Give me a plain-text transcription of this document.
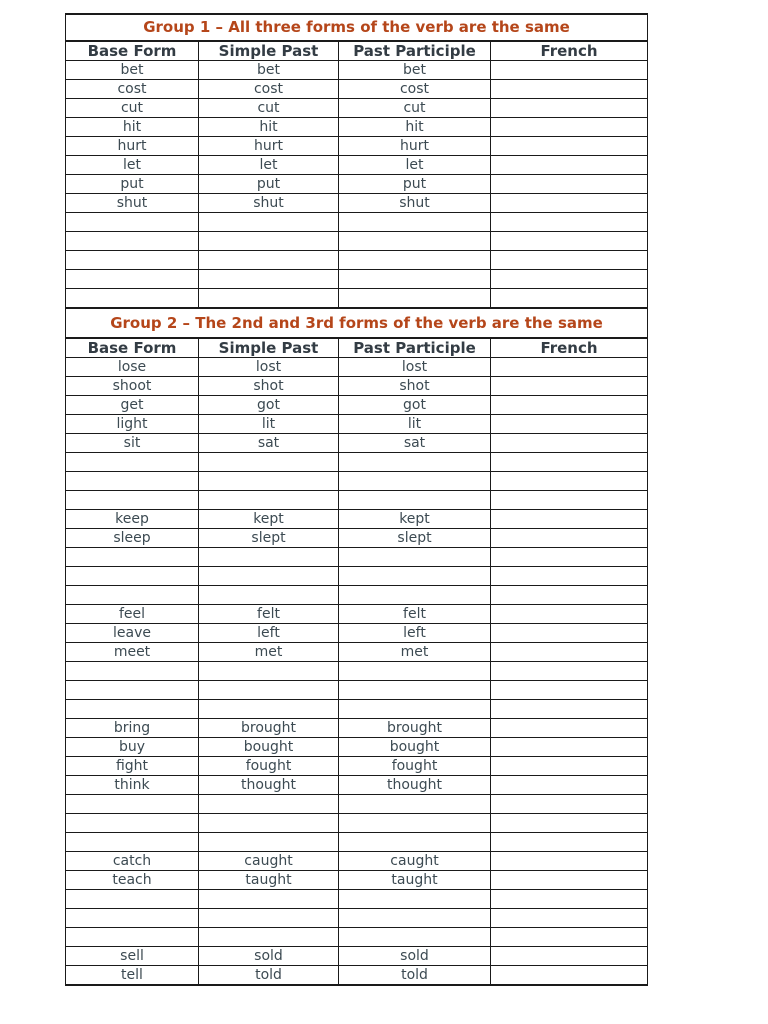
Group 1 – All three forms of the verb are the same			
Base Form	Simple Past	Past Participle	French
bet	bet	bet	
cost	cost	cost	
cut	cut	cut	
hit	hit	hit	
hurt	hurt	hurt	
let	let	let	
put	put	put	
shut	shut	shut	

Group 2 – The 2nd and 3rd forms of the verb are the same			
Base Form	Simple Past	Past Participle	French
lose	lost	lost	
shoot	shot	shot	
get	got	got	
light	lit	lit	
sit	sat	sat	

keep	kept	kept	
sleep	slept	slept	

feel	felt	felt	
leave	left	left	
meet	met	met	

bring	brought	brought	
buy	bought	bought	
fight	fought	fought	
think	thought	thought	

catch	caught	caught	
teach	taught	taught	

sell	sold	sold	
tell	told	told	
